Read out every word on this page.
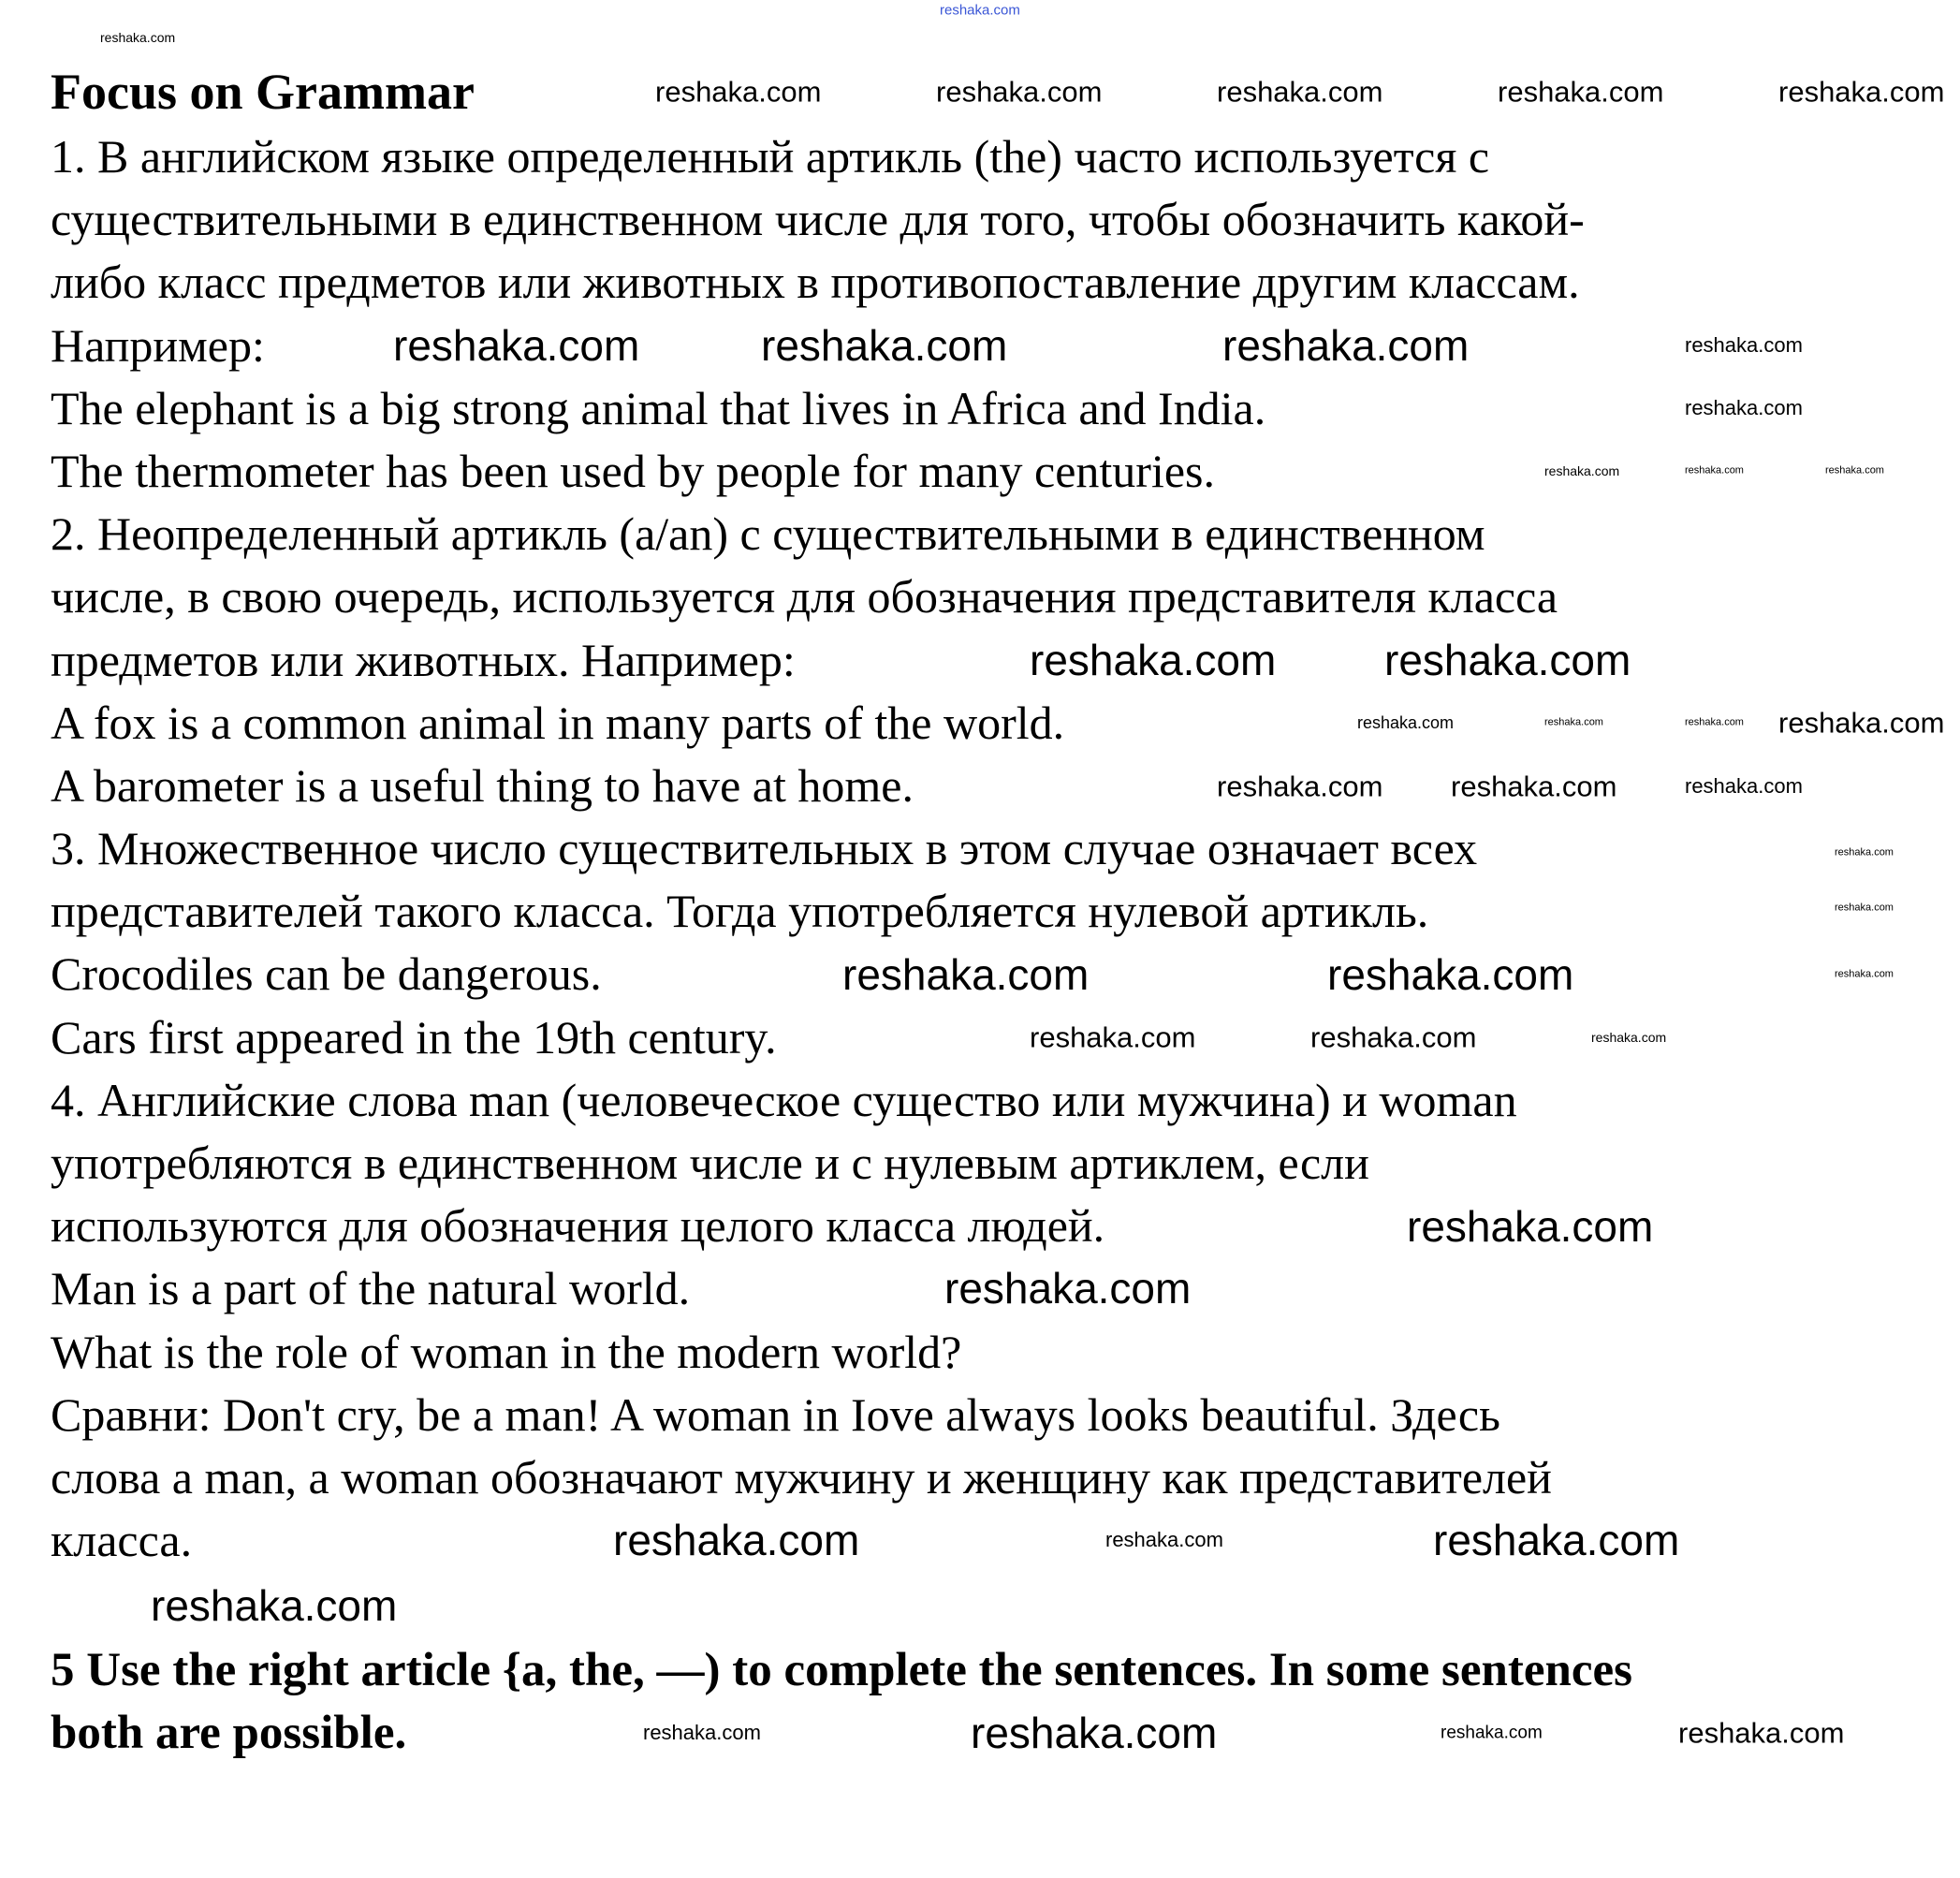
Focus on Grammar
1. В английском языке определенный артикль (the) часто используется с
существительными в единственном числе для того, чтобы обозначить какой-
либо класс предметов или животных в противопоставление другим классам.
Например:
The elephant is a big strong animal that lives in Africa and India.
The thermometer has been used by people for many centuries.
2. Неопределенный артикль (a/an) с существительными в единственном
числе, в свою очередь, используется для обозначения представителя класса
предметов или животных. Например:
A fox is a common animal in many parts of the world.
A barometer is a useful thing to have at home.
3. Множественное число существительных в этом случае означает всех
представителей такого класса. Тогда употребляется нулевой артикль.
Crocodiles can be dangerous.
Cars first appeared in the 19th century.
4. Английские слова man (человеческое существо или мужчина) и woman
употребляются в единственном числе и с нулевым артиклем, если
используются для обозначения целого класса людей.
Man is a part of the natural world.
What is the role of woman in the modern world?
Сравни: Don't cry, be a man! A woman in Iove always looks beautiful. Здесь
слова a man, a woman обозначают мужчину и женщину как представителей
класса.
5 Use the right article {a, the, —) to complete the sentences. In some sentences
both are possible.
reshaka.com
reshaka.com
reshaka.com	reshaka.com	reshaka.com	reshaka.com	reshaka.com
reshaka.com	reshaka.com	reshaka.com	reshaka.com
reshaka.com
reshaka.com	reshaka.com	reshaka.com
reshaka.com	reshaka.com
reshaka.com	reshaka.com	reshaka.com reshaka.com
reshaka.com reshaka.com	reshaka.com
reshaka.com
reshaka.com
reshaka.com
reshaka.com	reshaka.com
reshaka.com	reshaka.com	reshaka.com
reshaka.com
reshaka.com
reshaka.com	reshaka.com	reshaka.com
reshaka.com
reshaka.com	reshaka.com	reshaka.com	reshaka.com
